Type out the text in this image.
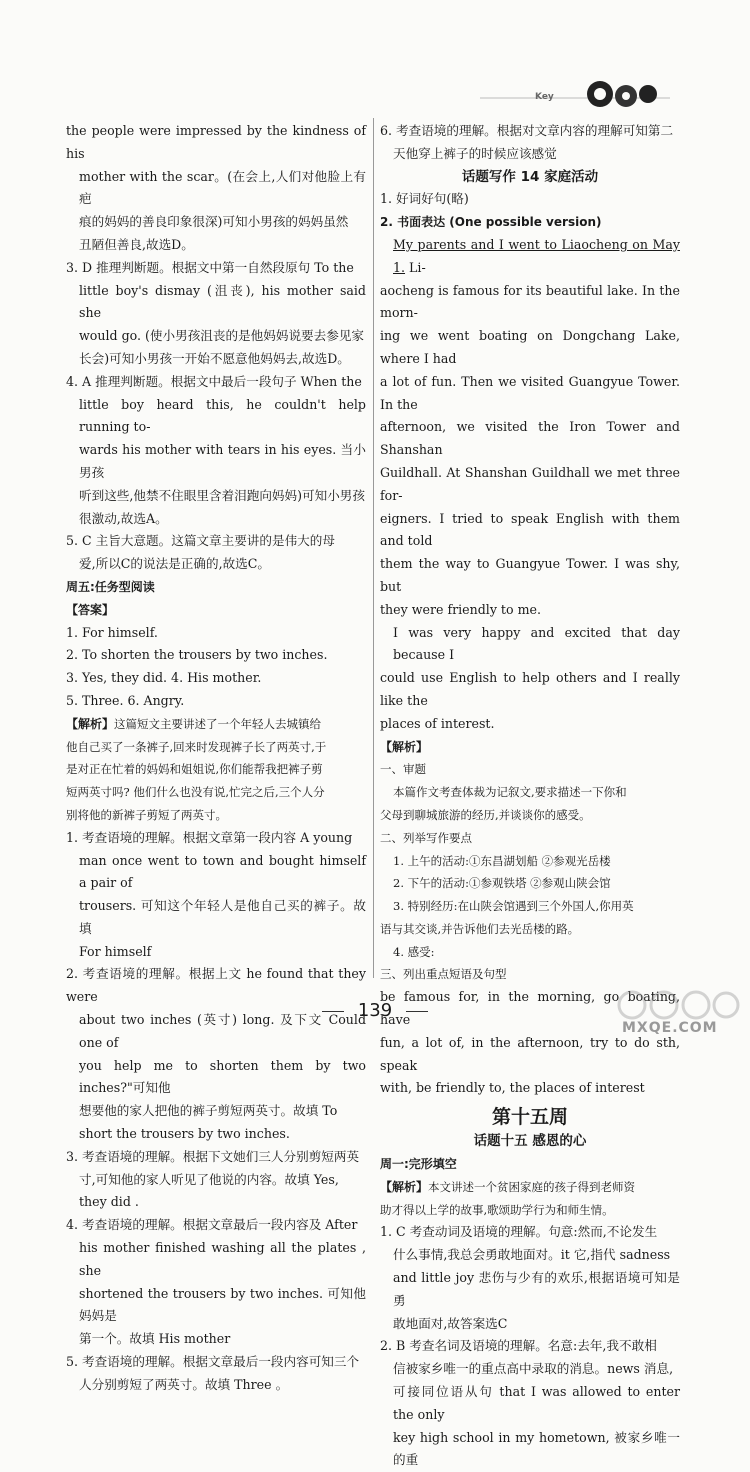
Key

the people were impressed by the kindness of his

mother with the scar。(在会上,人们对他脸上有疤

痕的妈妈的善良印象很深)可知小男孩的妈妈虽然

丑陋但善良,故选D。

3. D 推理判断题。根据文中第一自然段原句 To the

little boy's dismay (沮丧), his mother said she

would go. (使小男孩沮丧的是他妈妈说要去参见家

长会)可知小男孩一开始不愿意他妈妈去,故选D。

4. A 推理判断题。根据文中最后一段句子 When the

little boy heard this, he couldn't help running to-

wards his mother with tears in his eyes. 当小男孩

听到这些,他禁不住眼里含着泪跑向妈妈)可知小男孩

很激动,故选A。

5. C 主旨大意题。这篇文章主要讲的是伟大的母

爱,所以C的说法是正确的,故选C。

周五:任务型阅读

【答案】

1. For himself.

2. To shorten the trousers by two inches.

3. Yes, they did. 4. His mother.

5. Three. 6. Angry.

【解析】这篇短文主要讲述了一个年轻人去城镇给

他自己买了一条裤子,回来时发现裤子长了两英寸,于

是对正在忙着的妈妈和姐姐说,你们能帮我把裤子剪

短两英寸吗? 他们什么也没有说,忙完之后,三个人分

别将他的新裤子剪短了两英寸。

1. 考查语境的理解。根据文章第一段内容 A young

man once went to town and bought himself a pair of

trousers. 可知这个年轻人是他自己买的裤子。故填

For himself

2. 考查语境的理解。根据上文 he found that they were

about two inches (英寸) long. 及下文 Could one of

you help me to shorten them by two inches?"可知他

想要他的家人把他的裤子剪短两英寸。故填 To

short the trousers by two inches.

3. 考查语境的理解。根据下文她们三人分别剪短两英

寸,可知他的家人听见了他说的内容。故填 Yes,

they did .

4. 考查语境的理解。根据文章最后一段内容及 After

his mother finished washing all the plates , she

shortened the trousers by two inches. 可知他妈妈是

第一个。故填 His mother

5. 考查语境的理解。根据文章最后一段内容可知三个

人分别剪短了两英寸。故填 Three 。

6. 考查语境的理解。根据对文章内容的理解可知第二

天他穿上裤子的时候应该感觉

话题写作 14 家庭活动

1. 好词好句(略)

2. 书面表达 (One possible version)

My parents and I went to Liaocheng on May 1. Li-

aocheng is famous for its beautiful lake. In the morn-

ing we went boating on Dongchang Lake, where I had

a lot of fun. Then we visited Guangyue Tower. In the

afternoon, we visited the Iron Tower and Shanshan

Guildhall. At Shanshan Guildhall we met three for-

eigners. I tried to speak English with them and told

them the way to Guangyue Tower. I was shy, but

they were friendly to me.

I was very happy and excited that day because I

could use English to help others and I really like the

places of interest.

【解析】

一、审题

本篇作文考查体裁为记叙文,要求描述一下你和

父母到聊城旅游的经历,并谈谈你的感受。

二、列举写作要点

1. 上午的活动:①东昌湖划船 ②参观光岳楼

2. 下午的活动:①参观铁塔 ②参观山陕会馆

3. 特别经历:在山陕会馆遇到三个外国人,你用英

语与其交谈,并告诉他们去光岳楼的路。

4. 感受:

三、列出重点短语及句型

be famous for, in the morning, go boating, have

fun, a lot of, in the afternoon, try to do sth, speak

with, be friendly to, the places of interest

第十五周

话题十五 感恩的心

周一:完形填空

【解析】本文讲述一个贫困家庭的孩子得到老师资

助才得以上学的故事,歌颂助学行为和师生情。

1. C 考查动词及语境的理解。句意:然而,不论发生

什么事情,我总会勇敢地面对。it 它,指代 sadness

and little joy 悲伤与少有的欢乐,根据语境可知是勇

敢地面对,故答案选C

2. B 考查名词及语境的理解。名意:去年,我不敢相

信被家乡唯一的重点高中录取的消息。news 消息,

可接同位语从句 that I was allowed to enter the only

key high school in my hometown, 被家乡唯一的重

139
MXQE.COM
